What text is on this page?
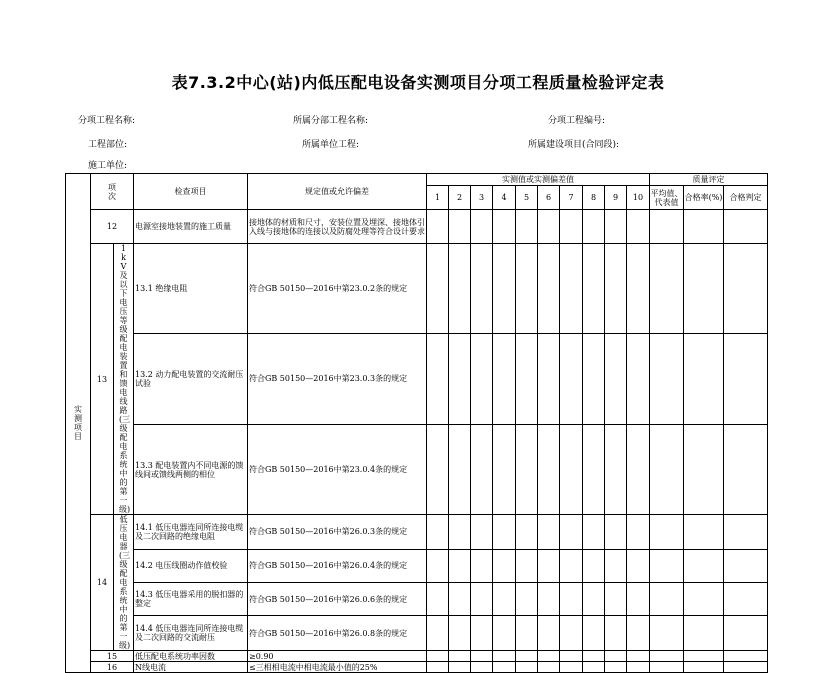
表7.3.2中心(站)内低压配电设备实测项目分项工程质量检验评定表
分项工程名称:	所属分部工程名称:	分项工程编号:
工程部位:	所属单位工程:	所属建设项目(合同段):
施工单位:
实测项目	项次		检查项目	规定值或允许偏差	实测值或实测偏差值										质量评定		
					1	2	3	4	5	6	7	8	9	10	平均值、代表值	合格率(%)	合格判定
	12		电源室接地装置的施工质量	接地体的材质和尺寸，安装位置及埋深、接地体引入线与接地体的连接以及防腐处理等符合设计要求													
	13	1kV及以下电压等级配电装置和馈电线路(三级配电系统中的第一级)	13.1 绝缘电阻	符合GB 50150—2016中第23.0.2条的规定													
			13.2 动力配电装置的交流耐压试验	符合GB 50150—2016中第23.0.3条的规定													
			13.3 配电装置内不同电源的馈线间或馈线两侧的相位	符合GB 50150—2016中第23.0.4条的规定													
	14	低压电器(三级配电系统中的第一级)	14.1 低压电器连同所连接电缆及二次回路的绝缘电阻	符合GB 50150—2016中第26.0.3条的规定													
			14.2 电压线圈动作值校验	符合GB 50150—2016中第26.0.4条的规定													
			14.3 低压电器采用的脱扣器的整定	符合GB 50150—2016中第26.0.6条的规定													
			14.4 低压电器连同所连接电缆及二次回路的交流耐压	符合GB 50150—2016中第26.0.8条的规定													
	15		低压配电系统功率因数	≥0.90													
	16		N线电流	≤三相相电流中相电流最小值的25%													
